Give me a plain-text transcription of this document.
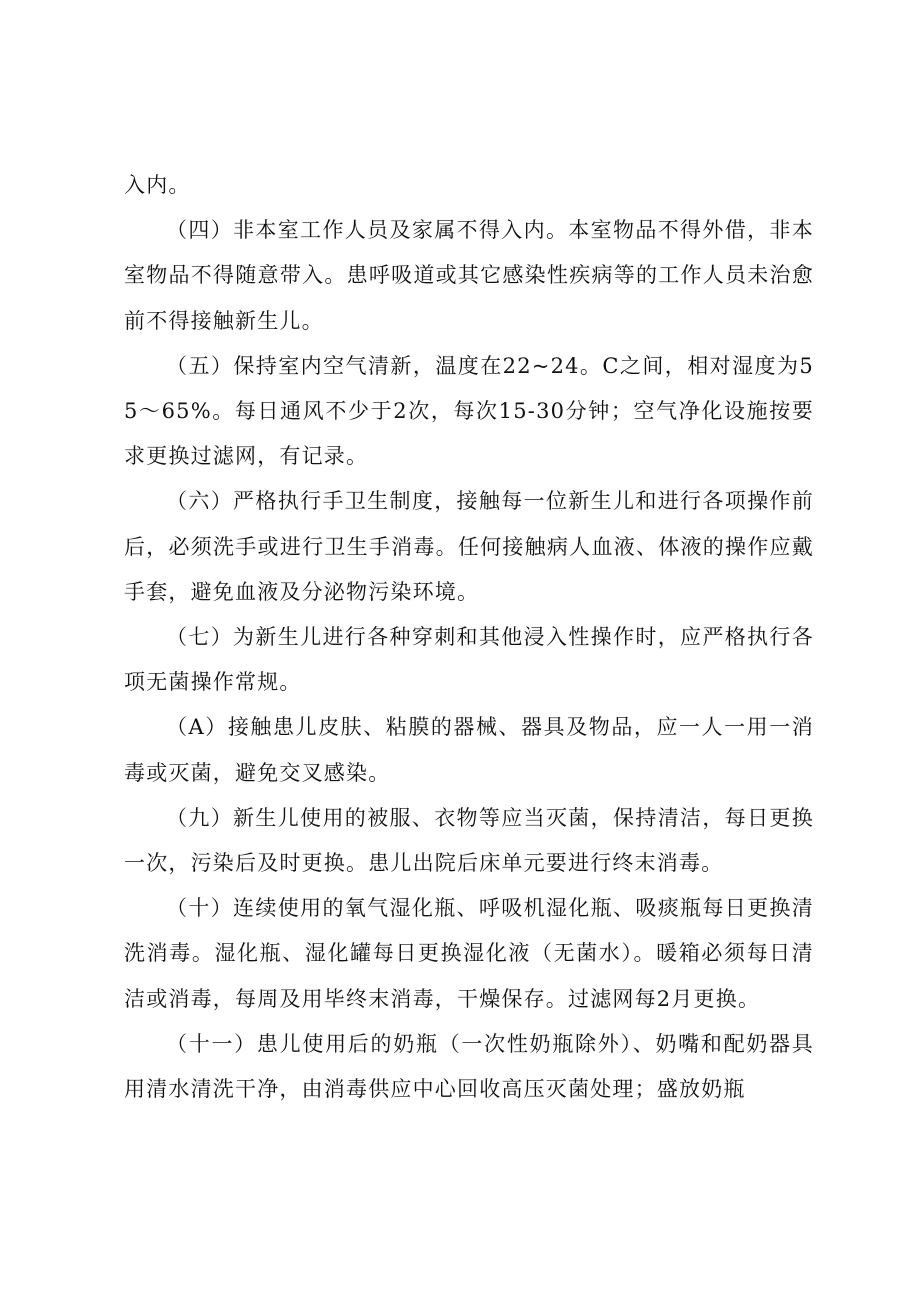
入内。

（四）非本室工作人员及家属不得入内。本室物品不得外借，非本室物品不得随意带入。患呼吸道或其它感染性疾病等的工作人员未治愈前不得接触新生儿。

（五）保持室内空气清新，温度在22~24。C之间，相对湿度为55～65%。每日通风不少于2次，每次15-30分钟；空气净化设施按要求更换过滤网，有记录。

（六）严格执行手卫生制度，接触每一位新生儿和进行各项操作前后，必须洗手或进行卫生手消毒。任何接触病人血液、体液的操作应戴手套，避免血液及分泌物污染环境。

（七）为新生儿进行各种穿刺和其他浸入性操作时，应严格执行各项无菌操作常规。

（A）接触患儿皮肤、粘膜的器械、器具及物品，应一人一用一消毒或灭菌，避免交叉感染。

（九）新生儿使用的被服、衣物等应当灭菌，保持清洁，每日更换一次，污染后及时更换。患儿出院后床单元要进行终末消毒。

（十）连续使用的氧气湿化瓶、呼吸机湿化瓶、吸痰瓶每日更换清洗消毒。湿化瓶、湿化罐每日更换湿化液（无菌水）。暖箱必须每日清洁或消毒，每周及用毕终末消毒，干燥保存。过滤网每2月更换。

（十一）患儿使用后的奶瓶（一次性奶瓶除外）、奶嘴和配奶器具用清水清洗干净，由消毒供应中心回收高压灭菌处理；盛放奶瓶
